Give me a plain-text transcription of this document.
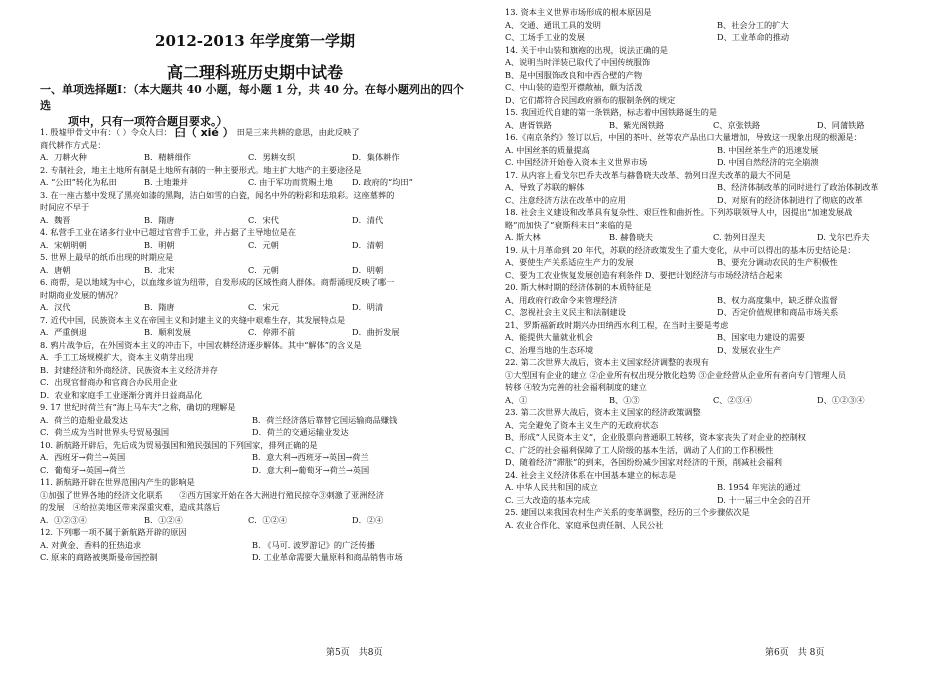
2012-2013 年学度第一学期
高二理科班历史期中试卷
一、单项选择题Ⅰ：（本大题共 40 小题，每小题 1 分，共 40 分。在每小题列出的四个选
项中，只有一项符合题目要求。）
1. 殷墟甲骨文中有：（ ）令众人曰： 𦥑（ xié ） 田是三来共耕的意思，由此反映了
商代耕作方式是：
A．刀耕火种	B．精耕细作	C．男耕女织	D．集体耕作
2. 专制社会，地主土地所有制是土地所有制的一种主要形式。地主扩大地产的主要途径是
A. “公田”转化为私田	B. 土地兼并	C. 由于军功而赏赐土地 D. 政府的“均田”
3. 在一座古墓中发现了黑亮如漆的黑陶，洁白如雪的白瓷，闻名中外的粉彩和珐琅彩。这座墓葬的
时间应不早于
A．魏晋	B．隋唐	C．宋代	D．清代
4. 私营手工业在诸多行业中已超过官营手工业，并占据了主导地位是在
A．宋朝明朝	B．明朝	C．元朝	D．清朝
5. 世界上最早的纸币出现的时期应是
A．唐朝	B．北宋	C．元朝	D．明朝
6. 商帮，是以地域为中心，以血缘乡谊为纽带，自发形成的区域性商人群体。商帮涌现反映了哪一
时期商业发展的情况？
A．汉代	B．隋唐	C．宋元	D．明清
7. 近代中国，民族资本主义在帝国主义和封建主义的夹缝中艰难生存，其发展特点是
A．严重倒退	B．顺利发展	C．停滞不前	D．曲折发展
8. 鸦片战争后，在外国资本主义的冲击下，中国农耕经济逐步解体。其中“解体”的含义是
A．手工工场规模扩大，资本主义萌芽出现
B．封建经济和外商经济、民族资本主义经济并存
C．出现官督商办和官商合办民用企业
D．农业和家庭手工业逐渐分离并日益商品化
9. 17 世纪时荷兰有“海上马车夫”之称，确切的理解是
A．荷兰的造船业最发达	B．荷兰经济落后靠替它国运输商品赚钱
C．荷兰成为当时世界头号贸易强国	D．荷兰的交通运输业发达
10. 新航路开辟后，先后成为贸易强国和殖民强国的下列国家，排列正确的是
A．西班牙→荷兰→英国	B．意大利→西班牙→英国→荷兰
C．葡萄牙→英国→荷兰	D．意大利→葡萄牙→荷兰→英国
11. 新航路开辟在世界范围内产生的影响是
①加强了世界各地的经济文化联系　　②西方国家开始在各大洲进行殖民掠夺③刺激了亚洲经济
的发展　④给拉美地区带来深重灾难，造成其落后
A．①②③④	B．①②④	C．①②④	D．②④
12. 下列哪一项不属于新航路开辟的原因
A. 对黄金、香料的狂热追求	B. 《马可. 波罗游记》的广泛传播
C. 原来的商路被奥斯曼帝国控制	D. 工业革命需要大量原料和商品销售市场
第5页　共8页
13. 资本主义世界市场形成的根本原因是
A、交通、通讯工具的发明	B、社会分工的扩大
C、工场手工业的发展	D、工业革命的推动
14. 关于中山装和旗袍的出现，说法正确的是
A、说明当时洋装已取代了中国传统服饰
B、是中国服饰改良和中西合壁的产物
C、中山装的造型开襟敞袖，颇为活泼
D、它们都符合民国政府颁布的服制条例的规定
15. 我国近代自建的第一条铁路，标志着中国铁路诞生的是
A、唐胥铁路	B、紫光阁铁路	C、京张铁路	D、同蒲铁路
16.《南京条约》签订以后，中国的茶叶、丝等农产品出口大量增加，导致这一现象出现的根源是：
A. 中国丝茶的质量提高	B. 中国丝茶生产的迅速发展
C. 中国经济开始卷入资本主义世界市场	D. 中国自然经济的完全崩溃
17. 从内容上看戈尔巴乔夫改革与赫鲁晓夫改革、勃列日涅夫改革的最大不同是
A、导致了苏联的解体	B、经济体制改革的同时进行了政治体制改革
C、注意经济方法在改革中的应用	D、对原有的经济体制进行了彻底的改革
18. 社会主义建设和改革具有复杂性、艰巨性和曲折性。下列苏联领导人中，因提出“加速发展战
略”而加快了“衰斯科末日”来临的是
A. 斯大林	B. 赫鲁晓夫	C. 勃列日涅夫	D. 戈尔巴乔夫
19. 从十月革命到 20 年代，苏联的经济政策发生了重大变化，从中可以得出的基本历史结论是：
A、要使生产关系适应生产力的发展	B、要充分调动农民的生产积极性
C、要为工农业恢复发展创造有利条件 D、要把计划经济与市场经济结合起来
20. 斯大林时期的经济体制的本质特征是
A、用政府行政命令来管理经济	B、权力高度集中，缺乏群众监督
C、忽视社会主义民主和法制建设	D、否定价值规律和商品市场关系
21、罗斯福新政时期兴办田纳西水利工程，在当时主要是考虑
A、能提供大量就业机会	B、国家电力建设的需要
C、治理当地的生态环境	D、发展农业生产
22. 第二次世界大战后，资本主义国家经济调整的表现有
①大型国有企业的建立 ②企业所有权出现分散化趋势 ③企业经营从企业所有者向专门管理人员
转移 ④较为完善的社会福利制度的建立
A、①	B、①③	C、②③④	D、①②③④
23. 第二次世界大战后，资本主义国家的经济政策调整
A、完全避免了资本主义生产的无政府状态
B、形成“人民资本主义”，企业股票向普通职工转移，资本家丧失了对企业的控制权
C、广泛的社会福利保障了工人阶级的基本生活，调动了人们的工作积极性
D、随着经济“滞胀”的到来，各国纷纷减少国家对经济的干预，削减社会福利
24. 社会主义经济体系在中国基本建立的标志是
A. 中华人民共和国的成立	B. 1954 年宪法的通过
C. 三大改造的基本完成	D. 十一届三中全会的召开
25. 建国以来我国农村生产关系的变革调整，经历的三个步骤依次是
A. 农业合作化、家庭承包责任制、人民公社
第6页　共 8页
